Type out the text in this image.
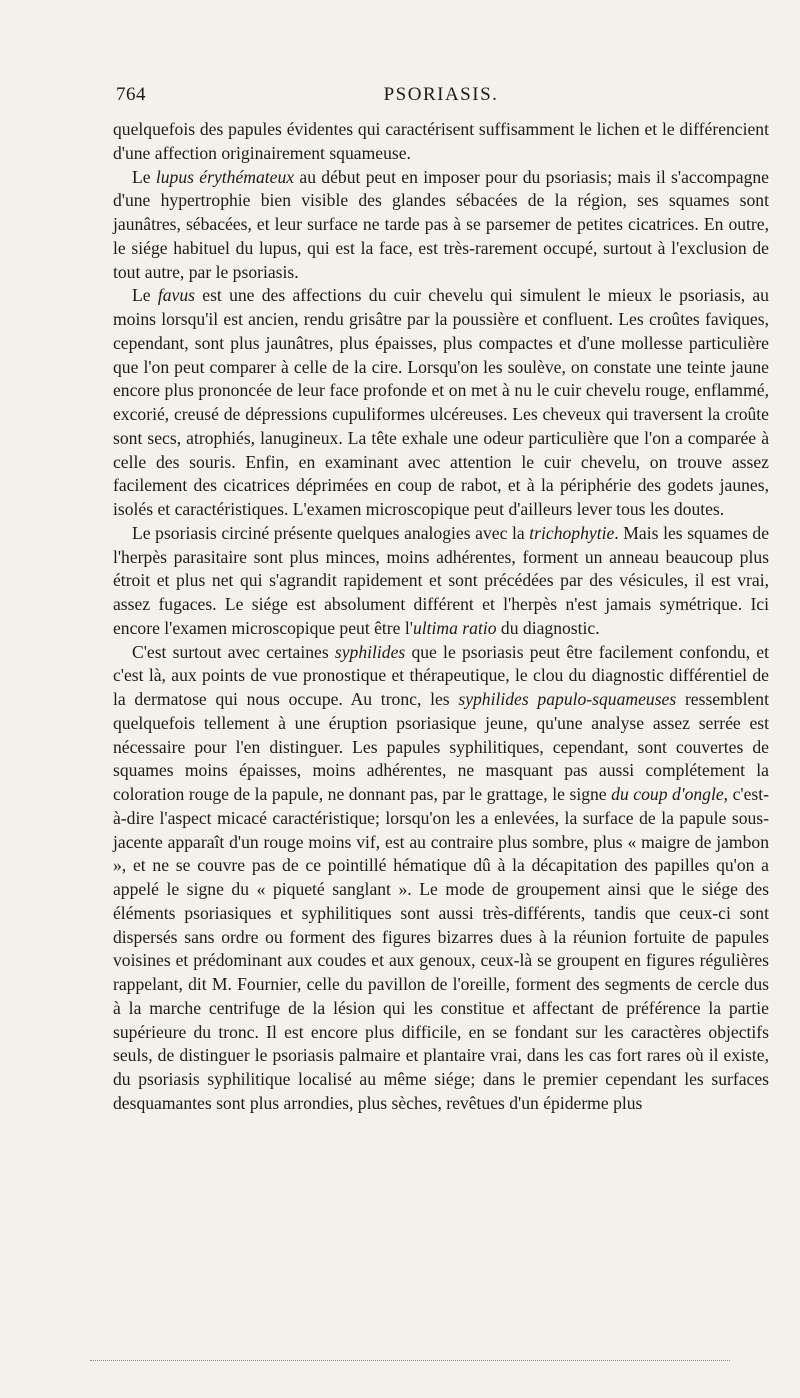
764	PSORIASIS.

quelquefois des papules évidentes qui caractérisent suffisamment le lichen et le différencient d'une affection originairement squameuse.

Le lupus érythémateux au début peut en imposer pour du psoriasis; mais il s'accompagne d'une hypertrophie bien visible des glandes sébacées de la région, ses squames sont jaunâtres, sébacées, et leur surface ne tarde pas à se parsemer de petites cicatrices. En outre, le siége habituel du lupus, qui est la face, est très-rarement occupé, surtout à l'exclusion de tout autre, par le psoriasis.

Le favus est une des affections du cuir chevelu qui simulent le mieux le psoriasis, au moins lorsqu'il est ancien, rendu grisâtre par la poussière et confluent. Les croûtes faviques, cependant, sont plus jaunâtres, plus épaisses, plus compactes et d'une mollesse particulière que l'on peut comparer à celle de la cire. Lorsqu'on les soulève, on constate une teinte jaune encore plus prononcée de leur face profonde et on met à nu le cuir chevelu rouge, enflammé, excorié, creusé de dépressions cupuliformes ulcéreuses. Les cheveux qui traversent la croûte sont secs, atrophiés, lanugineux. La tête exhale une odeur particulière que l'on a comparée à celle des souris. Enfin, en examinant avec attention le cuir chevelu, on trouve assez facilement des cicatrices déprimées en coup de rabot, et à la périphérie des godets jaunes, isolés et caractéristiques. L'examen microscopique peut d'ailleurs lever tous les doutes.

Le psoriasis circiné présente quelques analogies avec la trichophytie. Mais les squames de l'herpès parasitaire sont plus minces, moins adhérentes, forment un anneau beaucoup plus étroit et plus net qui s'agrandit rapidement et sont précédées par des vésicules, il est vrai, assez fugaces. Le siége est absolument différent et l'herpès n'est jamais symétrique. Ici encore l'examen microscopique peut être l'ultima ratio du diagnostic.

C'est surtout avec certaines syphilides que le psoriasis peut être facilement confondu, et c'est là, aux points de vue pronostique et thérapeutique, le clou du diagnostic différentiel de la dermatose qui nous occupe. Au tronc, les syphilides papulo-squameuses ressemblent quelquefois tellement à une éruption psoriasique jeune, qu'une analyse assez serrée est nécessaire pour l'en distinguer. Les papules syphilitiques, cependant, sont couvertes de squames moins épaisses, moins adhérentes, ne masquant pas aussi complétement la coloration rouge de la papule, ne donnant pas, par le grattage, le signe du coup d'ongle, c'est-à-dire l'aspect micacé caractéristique; lorsqu'on les a enlevées, la surface de la papule sous-jacente apparaît d'un rouge moins vif, est au contraire plus sombre, plus « maigre de jambon », et ne se couvre pas de ce pointillé hématique dû à la décapitation des papilles qu'on a appelé le signe du « piqueté sanglant ». Le mode de groupement ainsi que le siége des éléments psoriasiques et syphilitiques sont aussi très-différents, tandis que ceux-ci sont dispersés sans ordre ou forment des figures bizarres dues à la réunion fortuite de papules voisines et prédominant aux coudes et aux genoux, ceux-là se groupent en figures régulières rappelant, dit M. Fournier, celle du pavillon de l'oreille, forment des segments de cercle dus à la marche centrifuge de la lésion qui les constitue et affectant de préférence la partie supérieure du tronc. Il est encore plus difficile, en se fondant sur les caractères objectifs seuls, de distinguer le psoriasis palmaire et plantaire vrai, dans les cas fort rares où il existe, du psoriasis syphilitique localisé au même siége; dans le premier cependant les surfaces desquamantes sont plus arrondies, plus sèches, revêtues d'un épiderme plus
